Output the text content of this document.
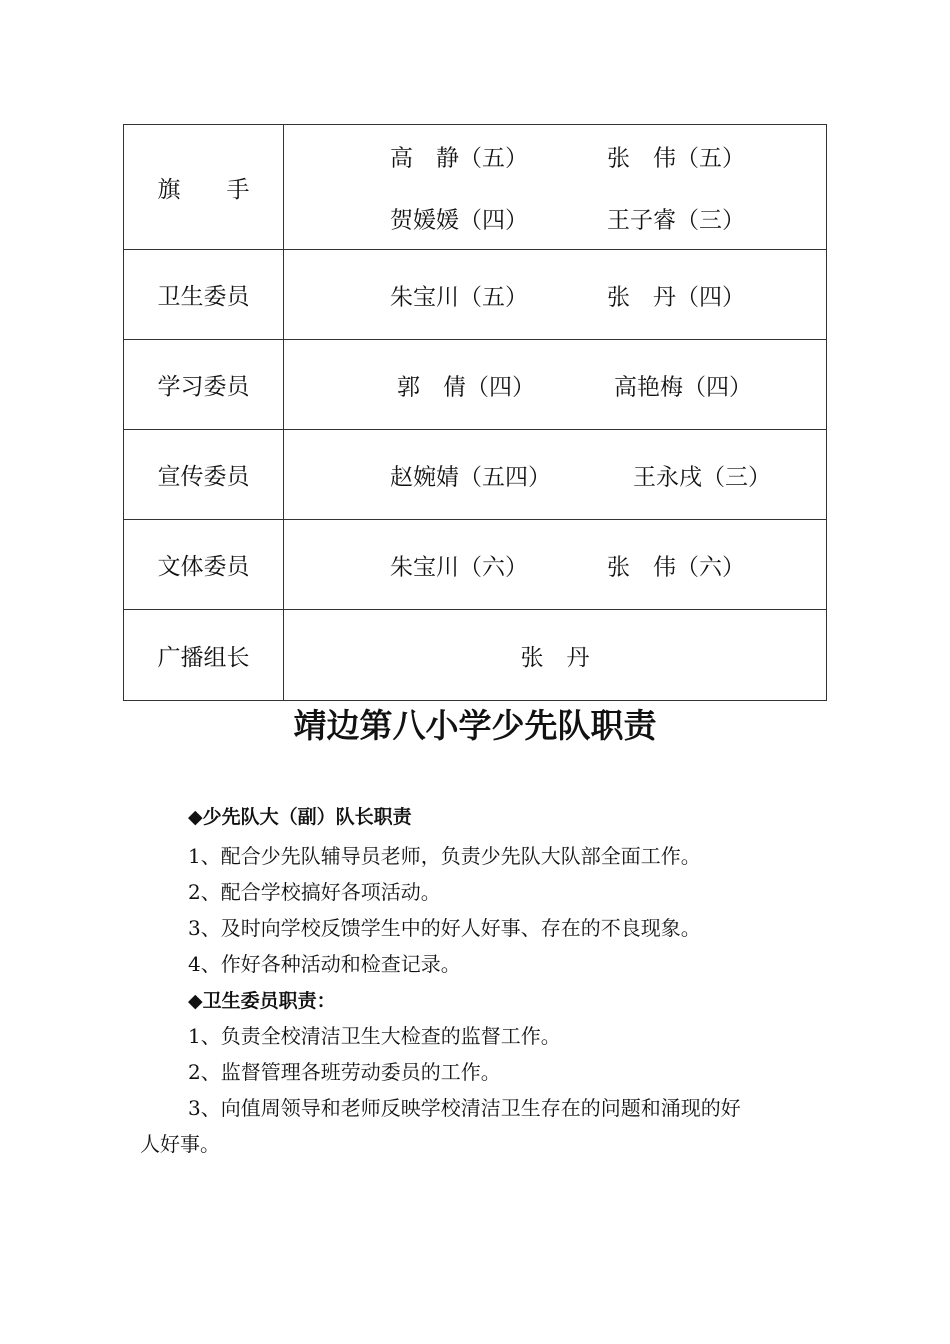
旗　　手	高　静（五） 张　伟（五）
贺媛媛（四） 王子睿（三）

卫生委员	朱宝川（五） 张　丹（四）

学习委员	郭　倩（四） 高艳梅（四）

宣传委员	赵婉婧（五四） 王永戌（三）

文体委员	朱宝川（六） 张　伟（六）

广播组长	张　丹
靖边第八小学少先队职责
◆少先队大（副）队长职责
1、配合少先队辅导员老师，负责少先队大队部全面工作。
2、配合学校搞好各项活动。
3、及时向学校反馈学生中的好人好事、存在的不良现象。
4、作好各种活动和检查记录。
◆卫生委员职责：
1、负责全校清洁卫生大检查的监督工作。
2、监督管理各班劳动委员的工作。
3、向值周领导和老师反映学校清洁卫生存在的问题和涌现的好
人好事。
